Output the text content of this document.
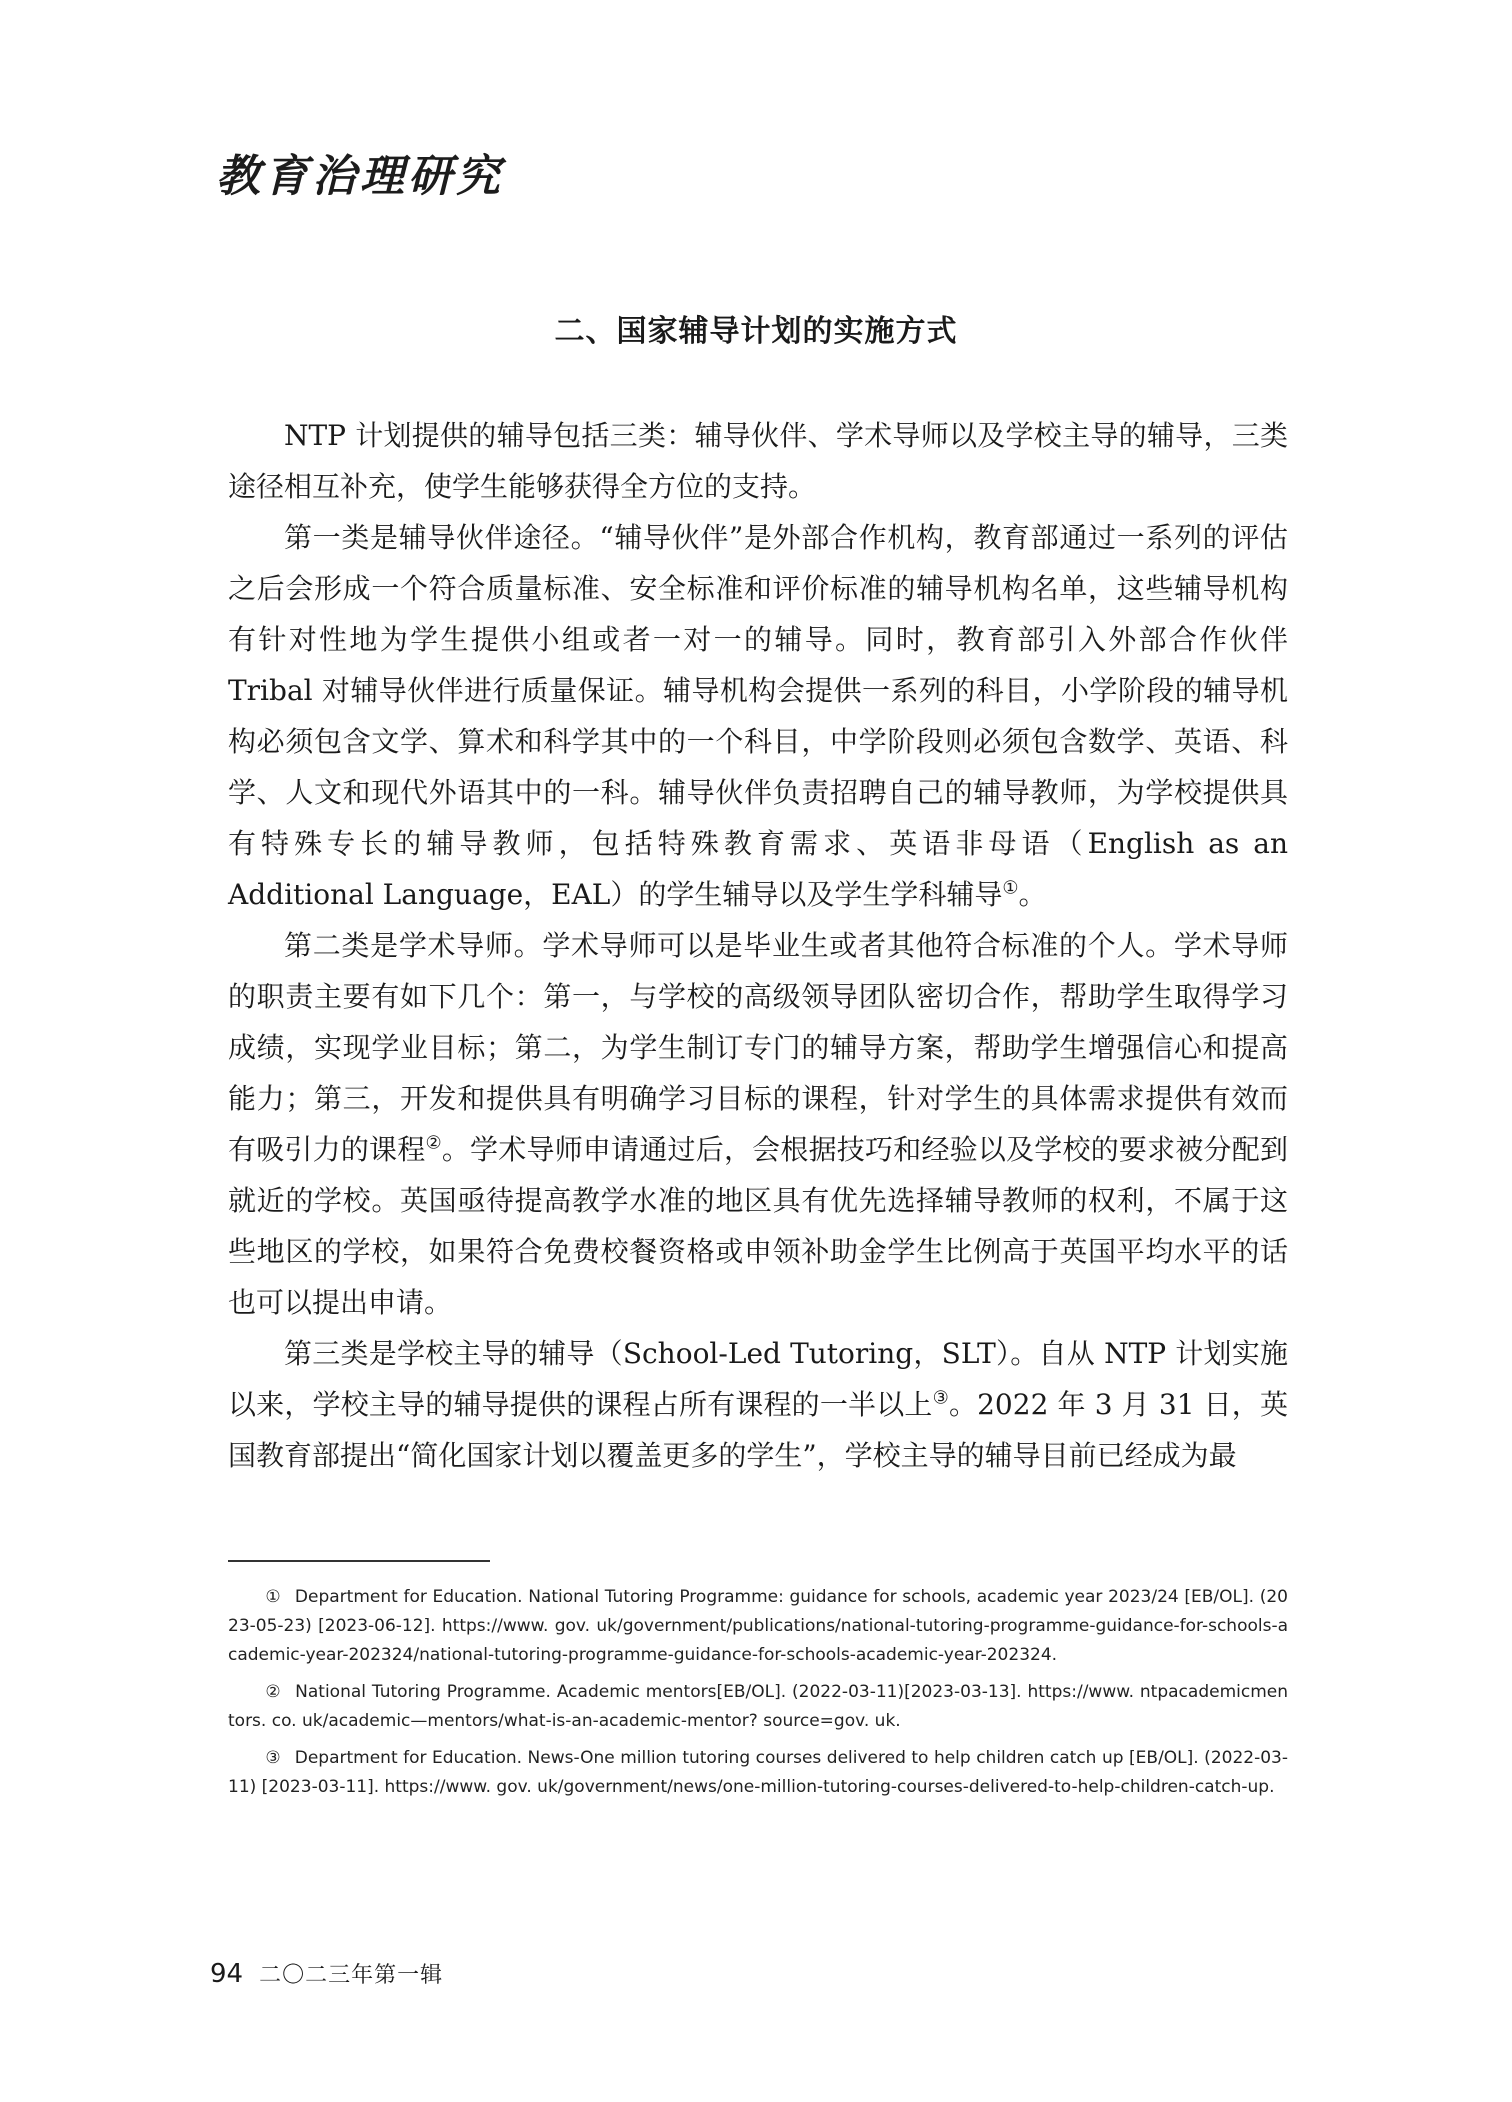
教育治理研究
二、国家辅导计划的实施方式

NTP 计划提供的辅导包括三类：辅导伙伴、学术导师以及学校主导的辅导，三类途径相互补充，使学生能够获得全方位的支持。

第一类是辅导伙伴途径。“辅导伙伴”是外部合作机构，教育部通过一系列的评估之后会形成一个符合质量标准、安全标准和评价标准的辅导机构名单，这些辅导机构有针对性地为学生提供小组或者一对一的辅导。同时，教育部引入外部合作伙伴 Tribal 对辅导伙伴进行质量保证。辅导机构会提供一系列的科目，小学阶段的辅导机构必须包含文学、算术和科学其中的一个科目，中学阶段则必须包含数学、英语、科学、人文和现代外语其中的一科。辅导伙伴负责招聘自己的辅导教师，为学校提供具有特殊专长的辅导教师，包括特殊教育需求、英语非母语（English as an Additional Language，EAL）的学生辅导以及学生学科辅导①。

第二类是学术导师。学术导师可以是毕业生或者其他符合标准的个人。学术导师的职责主要有如下几个：第一，与学校的高级领导团队密切合作，帮助学生取得学习成绩，实现学业目标；第二，为学生制订专门的辅导方案，帮助学生增强信心和提高能力；第三，开发和提供具有明确学习目标的课程，针对学生的具体需求提供有效而有吸引力的课程②。学术导师申请通过后，会根据技巧和经验以及学校的要求被分配到就近的学校。英国亟待提高教学水准的地区具有优先选择辅导教师的权利，不属于这些地区的学校，如果符合免费校餐资格或申领补助金学生比例高于英国平均水平的话也可以提出申请。

第三类是学校主导的辅导（School-Led Tutoring，SLT）。自从 NTP 计划实施以来，学校主导的辅导提供的课程占所有课程的一半以上③。2022 年 3 月 31 日，英国教育部提出“简化国家计划以覆盖更多的学生”，学校主导的辅导目前已经成为最

① Department for Education. National Tutoring Programme: guidance for schools, academic year 2023/24 [EB/OL]. (2023-05-23) [2023-06-12]. https://www. gov. uk/government/publications/national-tutoring-programme-guidance-for-schools-academic-year-202324/national-tutoring-programme-guidance-for-schools-academic-year-202324.

② National Tutoring Programme. Academic mentors[EB/OL]. (2022-03-11)[2023-03-13]. https://www. ntpacademicmentors. co. uk/academic—mentors/what-is-an-academic-mentor? source=gov. uk.

③ Department for Education. News-One million tutoring courses delivered to help children catch up [EB/OL]. (2022-03-11) [2023-03-11]. https://www. gov. uk/government/news/one-million-tutoring-courses-delivered-to-help-children-catch-up.

94 二〇二三年第一辑
